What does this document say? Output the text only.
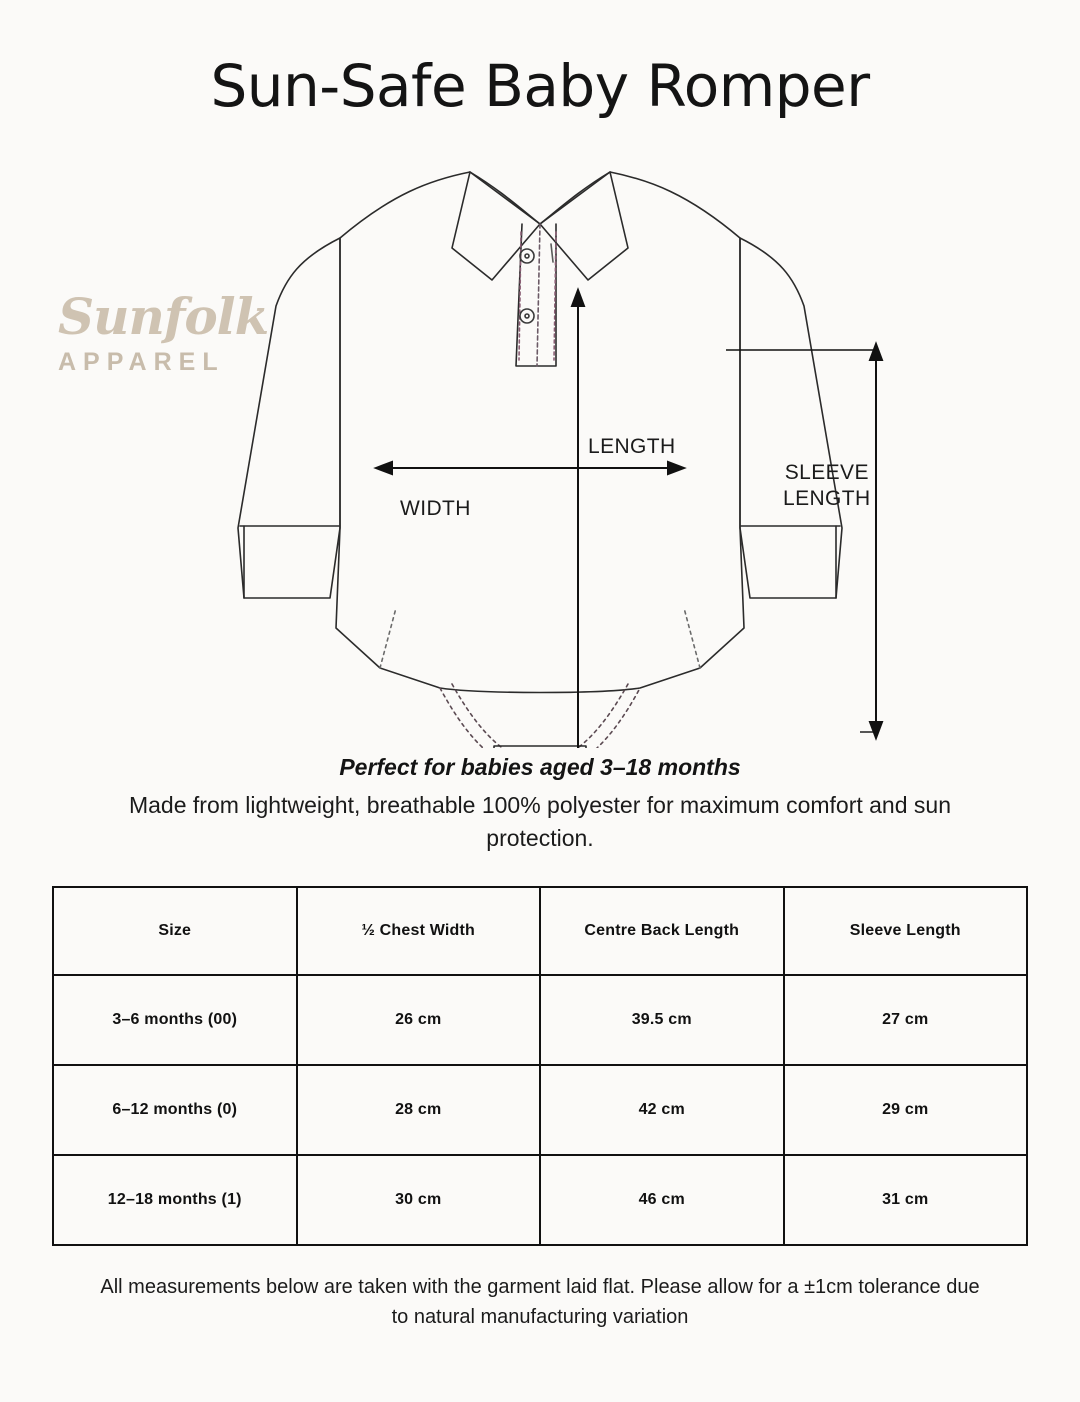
Sun-Safe Baby Romper
Sunfolk
APPAREL
WIDTH
LENGTH
SLEEVE
LENGTH
Perfect for babies aged 3–18 months
Made from lightweight, breathable 100% polyester for maximum comfort and sun protection.
Size	½ Chest Width	Centre Back Length	Sleeve Length
3–6 months (00)	26 cm	39.5 cm	27 cm
6–12 months (0)	28 cm	42 cm	29 cm
12–18 months (1)	30 cm	46 cm	31 cm
All measurements below are taken with the garment laid flat. Please allow for a ±1cm tolerance due to natural manufacturing variation
